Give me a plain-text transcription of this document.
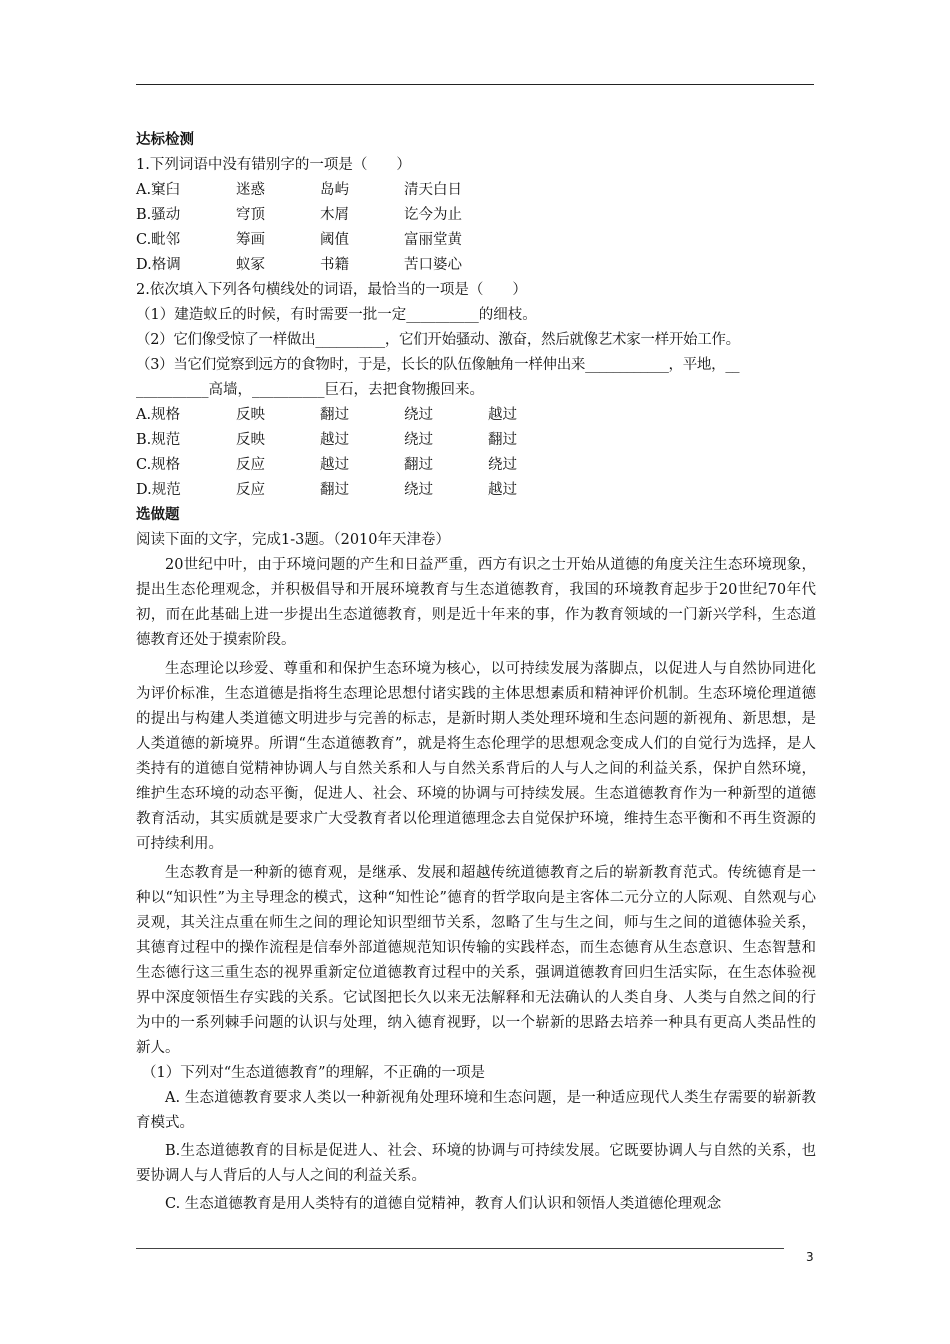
达标检测
1.下列词语中没有错别字的一项是（　　）
A.窠臼	迷惑	岛屿	清天白日
B.骚动	穹顶	木屑	讫今为止
C.毗邻	筹画	阈值	富丽堂黄
D.格调	蚁冢	书籍	苦口婆心
2.依次填入下列各句横线处的词语，最恰当的一项是（　　）
（1）建造蚁丘的时候，有时需要一批一定__________的细枝。
（2）它们像受惊了一样做出__________，它们开始骚动、激奋，然后就像艺术家一样开始工作。
（3）当它们觉察到远方的食物时，于是，长长的队伍像触角一样伸出来____________，平地，__
__________高墙，__________巨石，去把食物搬回来。
A.规格	反映	翻过	绕过	越过
B.规范	反映	越过	绕过	翻过
C.规格	反应	越过	翻过	绕过
D.规范	反应	翻过	绕过	越过
选做题
阅读下面的文字，完成1-3题。（2010年天津卷）

20世纪中叶，由于环境问题的产生和日益严重，西方有识之士开始从道德的角度关注生态环境现象，提出生态伦理观念，并积极倡导和开展环境教育与生态道德教育，我国的环境教育起步于20世纪70年代初，而在此基础上进一步提出生态道德教育，则是近十年来的事，作为教育领域的一门新兴学科，生态道德教育还处于摸索阶段。

生态理论以珍爱、尊重和和保护生态环境为核心，以可持续发展为落脚点，以促进人与自然协同进化为评价标准，生态道德是指将生态理论思想付诸实践的主体思想素质和精神评价机制。生态环境伦理道德的提出与构建人类道德文明进步与完善的标志，是新时期人类处理环境和生态问题的新视角、新思想，是人类道德的新境界。所谓“生态道德教育”，就是将生态伦理学的思想观念变成人们的自觉行为选择，是人类持有的道德自觉精神协调人与自然关系和人与自然关系背后的人与人之间的利益关系，保护自然环境，维护生态环境的动态平衡，促进人、社会、环境的协调与可持续发展。生态道德教育作为一种新型的道德教育活动，其实质就是要求广大受教育者以伦理道德理念去自觉保护环境，维持生态平衡和不再生资源的可持续利用。

生态教育是一种新的德育观，是继承、发展和超越传统道德教育之后的崭新教育范式。传统德育是一种以“知识性”为主导理念的模式，这种“知性论”德育的哲学取向是主客体二元分立的人际观、自然观与心灵观，其关注点重在师生之间的理论知识型细节关系，忽略了生与生之间，师与生之间的道德体验关系，其德育过程中的操作流程是信奉外部道德规范知识传输的实践样态，而生态德育从生态意识、生态智慧和生态德行这三重生态的视界重新定位道德教育过程中的关系，强调道德教育回归生活实际，在生态体验视界中深度领悟生存实践的关系。它试图把长久以来无法解释和无法确认的人类自身、人类与自然之间的行为中的一系列棘手问题的认识与处理，纳入德育视野，以一个崭新的思路去培养一种具有更高人类品性的新人。

（1）下列对“生态道德教育”的理解，不正确的一项是

A. 生态道德教育要求人类以一种新视角处理环境和生态问题，是一种适应现代人类生存需要的崭新教育模式。

B.生态道德教育的目标是促进人、社会、环境的协调与可持续发展。它既要协调人与自然的关系，也要协调人与人背后的人与人之间的利益关系。

C. 生态道德教育是用人类特有的道德自觉精神，教育人们认识和领悟人类道德伦理观念

3
